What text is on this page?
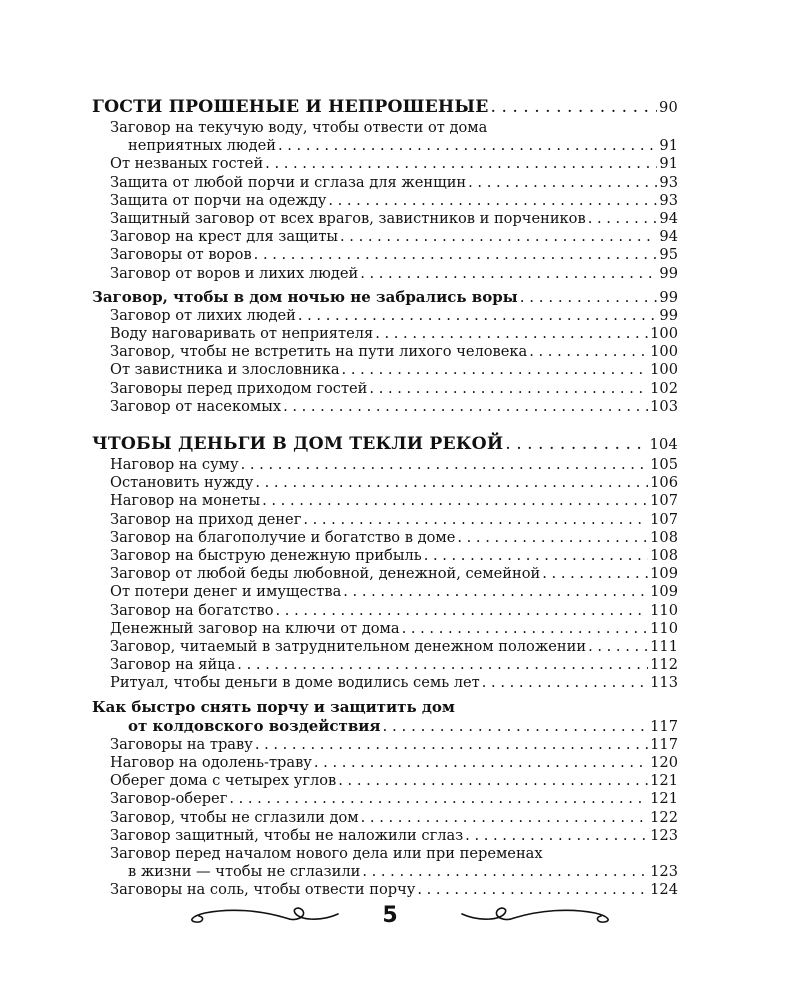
ГОСТИ ПРОШЕНЫЕ И НЕПРОШЕНЫЕ . . .	90
Заговор на текучую воду, чтобы отвести от дома
неприятных людей . . .	91
От незваных гостей . . .	91
Защита от любой порчи и сглаза для женщин . . .	93
Защита от порчи на одежду . . .	93
Защитный заговор от всех врагов, завистников и порчеников . . .	94
Заговор на крест для защиты . . .	94
Заговоры от воров . . .	95
Заговор от воров и лихих людей . . .	99
Заговор, чтобы в дом ночью не забрались воры . . .	99
Заговор от лихих людей . . .	99
Воду наговаривать от неприятеля . . .	100
Заговор, чтобы не встретить на пути лихого человека . . .	100
От завистника и злословника . . .	100
Заговоры перед приходом гостей . . .	102
Заговор от насекомых . . .	103
ЧТОБЫ ДЕНЬГИ В ДОМ ТЕКЛИ РЕКОЙ . . .	104
Наговор на суму . . .	105
Остановить нужду . . .	106
Наговор на монеты . . .	107
Заговор на приход денег . . .	107
Заговор на благополучие и богатство в доме . . .	108
Заговор на быструю денежную прибыль . . .	108
Заговор от любой беды любовной, денежной, семейной . . .	109
От потери денег и имущества . . .	109
Заговор на богатство . . .	110
Денежный заговор на ключи от дома . . .	110
Заговор, читаемый в затруднительном денежном положении . . .	111
Заговор на яйца . . .	112
Ритуал, чтобы деньги в доме водились семь лет . . .	113
Как быстро снять порчу и защитить дом
от колдовского воздействия . . .	117
Заговоры на траву . . .	117
Наговор на одолень-траву . . .	120
Оберег дома с четырех углов . . .	121
Заговор-оберег . . .	121
Заговор, чтобы не сглазили дом . . .	122
Заговор защитный, чтобы не наложили сглаз . . .	123
Заговор перед началом нового дела или при переменах
в жизни — чтобы не сглазили . . .	123
Заговоры на соль, чтобы отвести порчу . . .	124
5
